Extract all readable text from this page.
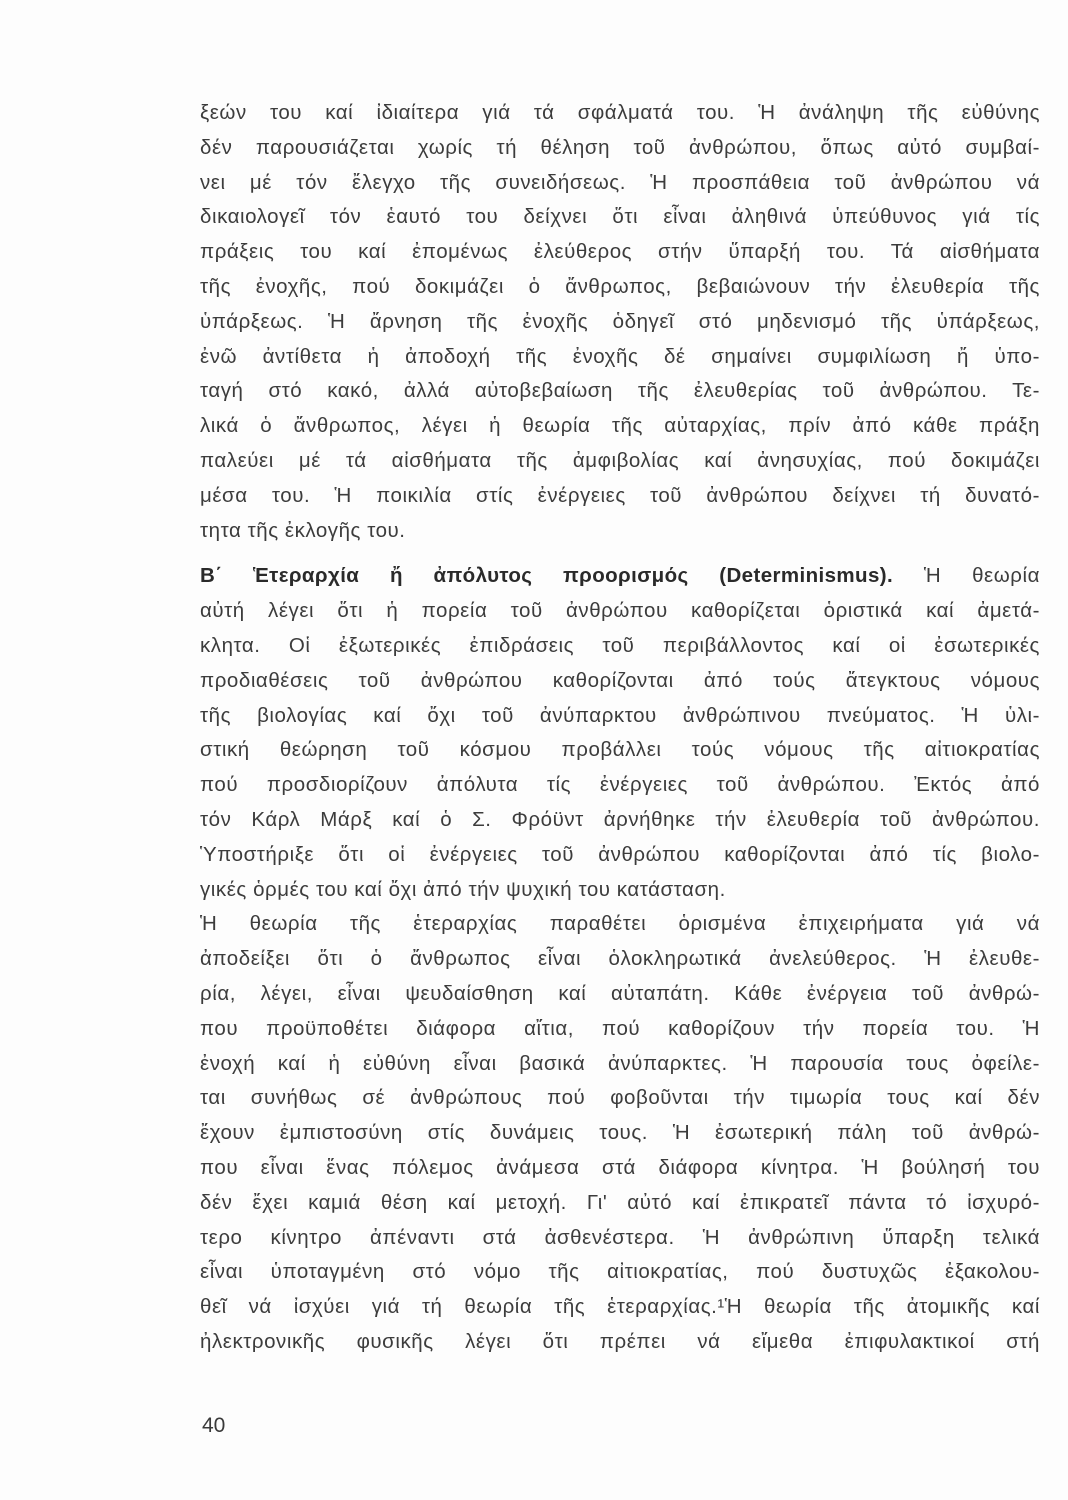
ξεών του καί ἰδιαίτερα γιά τά σφάλματά του. Ἡ ἀνάληψη τῆς εὐθύνης
δέν παρουσιάζεται χωρίς τή θέληση τοῦ ἀνθρώπου, ὅπως αὐτό συμβαί-
νει μέ τόν ἔλεγχο τῆς συνειδήσεως. Ἡ προσπάθεια τοῦ ἀνθρώπου νά
δικαιολογεῖ τόν ἑαυτό του δείχνει ὅτι εἶναι ἀληθινά ὑπεύθυνος γιά τίς
πράξεις του καί ἐπομένως ἐλεύθερος στήν ὕπαρξή του. Τά αἰσθήματα
τῆς ἐνοχῆς, πού δοκιμάζει ὁ ἄνθρωπος, βεβαιώνουν τήν ἐλευθερία τῆς
ὑπάρξεως. Ἡ ἄρνηση τῆς ἐνοχῆς ὁδηγεῖ στό μηδενισμό τῆς ὑπάρξεως,
ἐνῶ ἀντίθετα ἡ ἀποδοχή τῆς ἐνοχῆς δέ σημαίνει συμφιλίωση ἤ ὑπο-
ταγή στό κακό, ἀλλά αὐτοβεβαίωση τῆς ἐλευθερίας τοῦ ἀνθρώπου. Τε-
λικά ὁ ἄνθρωπος, λέγει ἡ θεωρία τῆς αὐταρχίας, πρίν ἀπό κάθε πράξη
παλεύει μέ τά αἰσθήματα τῆς ἀμφιβολίας καί ἀνησυχίας, πού δοκιμάζει
μέσα του. Ἡ ποικιλία στίς ἐνέργειες τοῦ ἀνθρώπου δείχνει τή δυνατό-
τητα τῆς ἐκλογῆς του.
Β΄ Ἑτεραρχία ἤ ἀπόλυτος προορισμός (Determinismus). Ἡ θεωρία
αὐτή λέγει ὅτι ἡ πορεία τοῦ ἀνθρώπου καθορίζεται ὁριστικά καί ἀμετά-
κλητα. Οἱ ἐξωτερικές ἐπιδράσεις τοῦ περιβάλλοντος καί οἱ ἐσωτερικές
προδιαθέσεις τοῦ ἀνθρώπου καθορίζονται ἀπό τούς ἄτεγκτους νόμους
τῆς βιολογίας καί ὄχι τοῦ ἀνύπαρκτου ἀνθρώπινου πνεύματος. Ἡ ὑλι-
στική θεώρηση τοῦ κόσμου προβάλλει τούς νόμους τῆς αἰτιοκρατίας
πού προσδιορίζουν ἀπόλυτα τίς ἐνέργειες τοῦ ἀνθρώπου. Ἐκτός ἀπό
τόν Κάρλ Μάρξ καί ὁ Σ. Φρόϋντ ἀρνήθηκε τήν ἐλευθερία τοῦ ἀνθρώπου.
Ὑποστήριξε ὅτι οἱ ἐνέργειες τοῦ ἀνθρώπου καθορίζονται ἀπό τίς βιολο-
γικές ὁρμές του καί ὄχι ἀπό τήν ψυχική του κατάσταση.
Ἡ θεωρία τῆς ἑτεραρχίας παραθέτει ὁρισμένα ἐπιχειρήματα γιά νά
ἀποδείξει ὅτι ὁ ἄνθρωπος εἶναι ὁλοκληρωτικά ἀνελεύθερος. Ἡ ἐλευθε-
ρία, λέγει, εἶναι ψευδαίσθηση καί αὐταπάτη. Κάθε ἐνέργεια τοῦ ἀνθρώ-
που προϋποθέτει διάφορα αἴτια, πού καθορίζουν τήν πορεία του. Ἡ
ἐνοχή καί ἡ εὐθύνη εἶναι βασικά ἀνύπαρκτες. Ἡ παρουσία τους ὀφείλε-
ται συνήθως σέ ἀνθρώπους πού φοβοῦνται τήν τιμωρία τους καί δέν
ἔχουν ἐμπιστοσύνη στίς δυνάμεις τους. Ἡ ἐσωτερική πάλη τοῦ ἀνθρώ-
που εἶναι ἕνας πόλεμος ἀνάμεσα στά διάφορα κίνητρα. Ἡ βούλησή του
δέν ἔχει καμιά θέση καί μετοχή. Γι' αὐτό καί ἐπικρατεῖ πάντα τό ἰσχυρό-
τερο κίνητρο ἀπέναντι στά ἀσθενέστερα. Ἡ ἀνθρώπινη ὕπαρξη τελικά
εἶναι ὑποταγμένη στό νόμο τῆς αἰτιοκρατίας, πού δυστυχῶς ἐξακολου-
θεῖ νά ἰσχύει γιά τή θεωρία τῆς ἑτεραρχίας.¹Ἡ θεωρία τῆς ἀτομικῆς καί
ἠλεκτρονικῆς φυσικῆς λέγει ὅτι πρέπει νά εἴμεθα ἐπιφυλακτικοί στή
40
